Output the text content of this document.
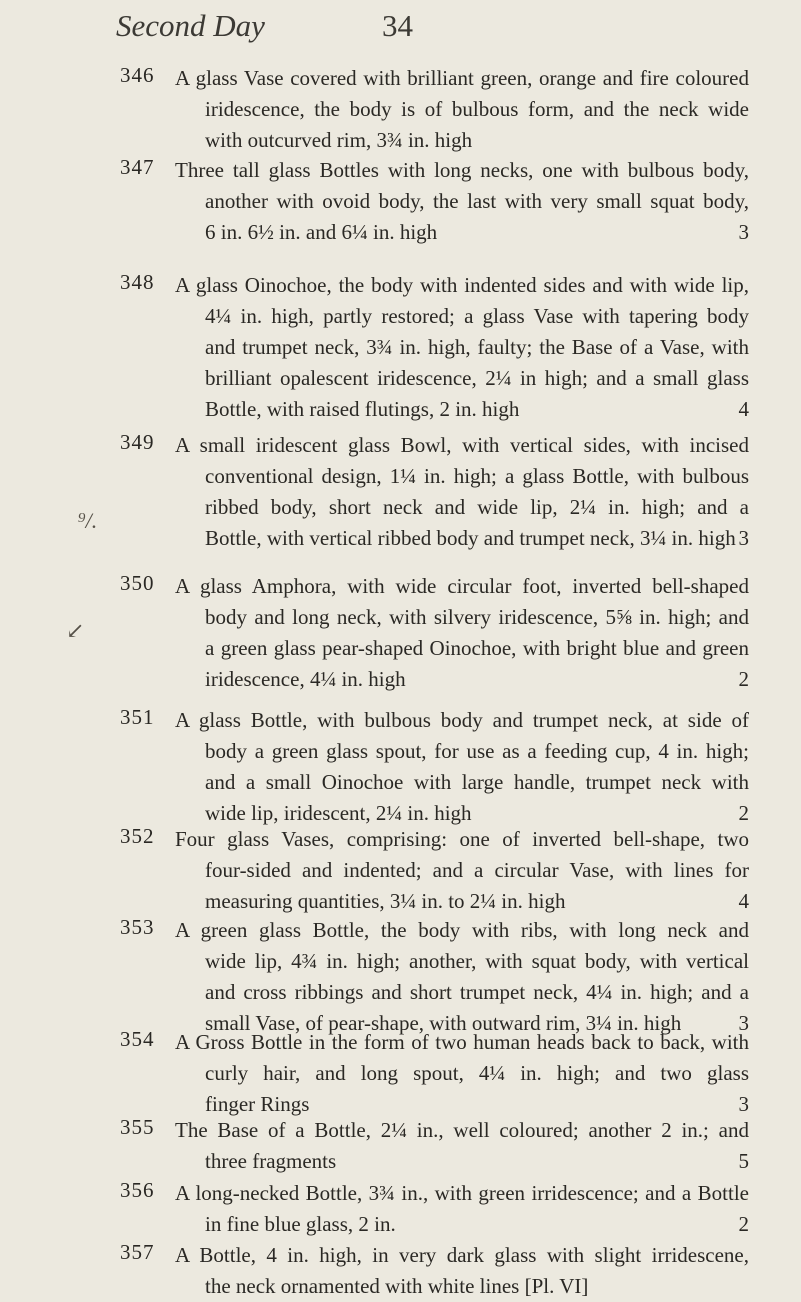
Second Day	34
⁹/.
↙
346 A glass Vase covered with brilliant green, orange and fire coloured
iridescence, the body is of bulbous form, and the neck wide
with outcurved rim, 3¾ in. high
347 Three tall glass Bottles with long necks, one with bulbous body,
another with ovoid body, the last with very small squat body,
6 in. 6½ in. and 6¼ in. high	3
348 A glass Oinochoe, the body with indented sides and with wide lip,
4¼ in. high, partly restored; a glass Vase with tapering body
and trumpet neck, 3¾ in. high, faulty; the Base of a Vase, with
brilliant opalescent iridescence, 2¼ in high; and a small glass
Bottle, with raised flutings, 2 in. high	4
349 A small iridescent glass Bowl, with vertical sides, with incised
conventional design, 1¼ in. high; a glass Bottle, with bulbous
ribbed body, short neck and wide lip, 2¼ in. high; and a
Bottle, with vertical ribbed body and trumpet neck, 3¼ in. high 3
350 A glass Amphora, with wide circular foot, inverted bell-shaped
body and long neck, with silvery iridescence, 5⅝ in. high; and
a green glass pear-shaped Oinochoe, with bright blue and green
iridescence, 4¼ in. high	2
351 A glass Bottle, with bulbous body and trumpet neck, at side of
body a green glass spout, for use as a feeding cup, 4 in. high;
and a small Oinochoe with large handle, trumpet neck with
wide lip, iridescent, 2¼ in. high	2
352 Four glass Vases, comprising: one of inverted bell-shape, two
four-sided and indented; and a circular Vase, with lines for
measuring quantities, 3¼ in. to 2¼ in. high	4
353 A green glass Bottle, the body with ribs, with long neck and
wide lip, 4¾ in. high; another, with squat body, with vertical
and cross ribbings and short trumpet neck, 4¼ in. high; and a
small Vase, of pear-shape, with outward rim, 3¼ in. high	3
354 A Gross Bottle in the form of two human heads back to back, with
curly hair, and long spout, 4¼ in. high; and two glass
finger Rings	3
355 The Base of a Bottle, 2¼ in., well coloured; another 2 in.; and
three fragments	5
356 A long-necked Bottle, 3¾ in., with green irridescence; and a Bottle
in fine blue glass, 2 in.	2
357 A Bottle, 4 in. high, in very dark glass with slight irridescene,
the neck ornamented with white lines [Pl. VI]
